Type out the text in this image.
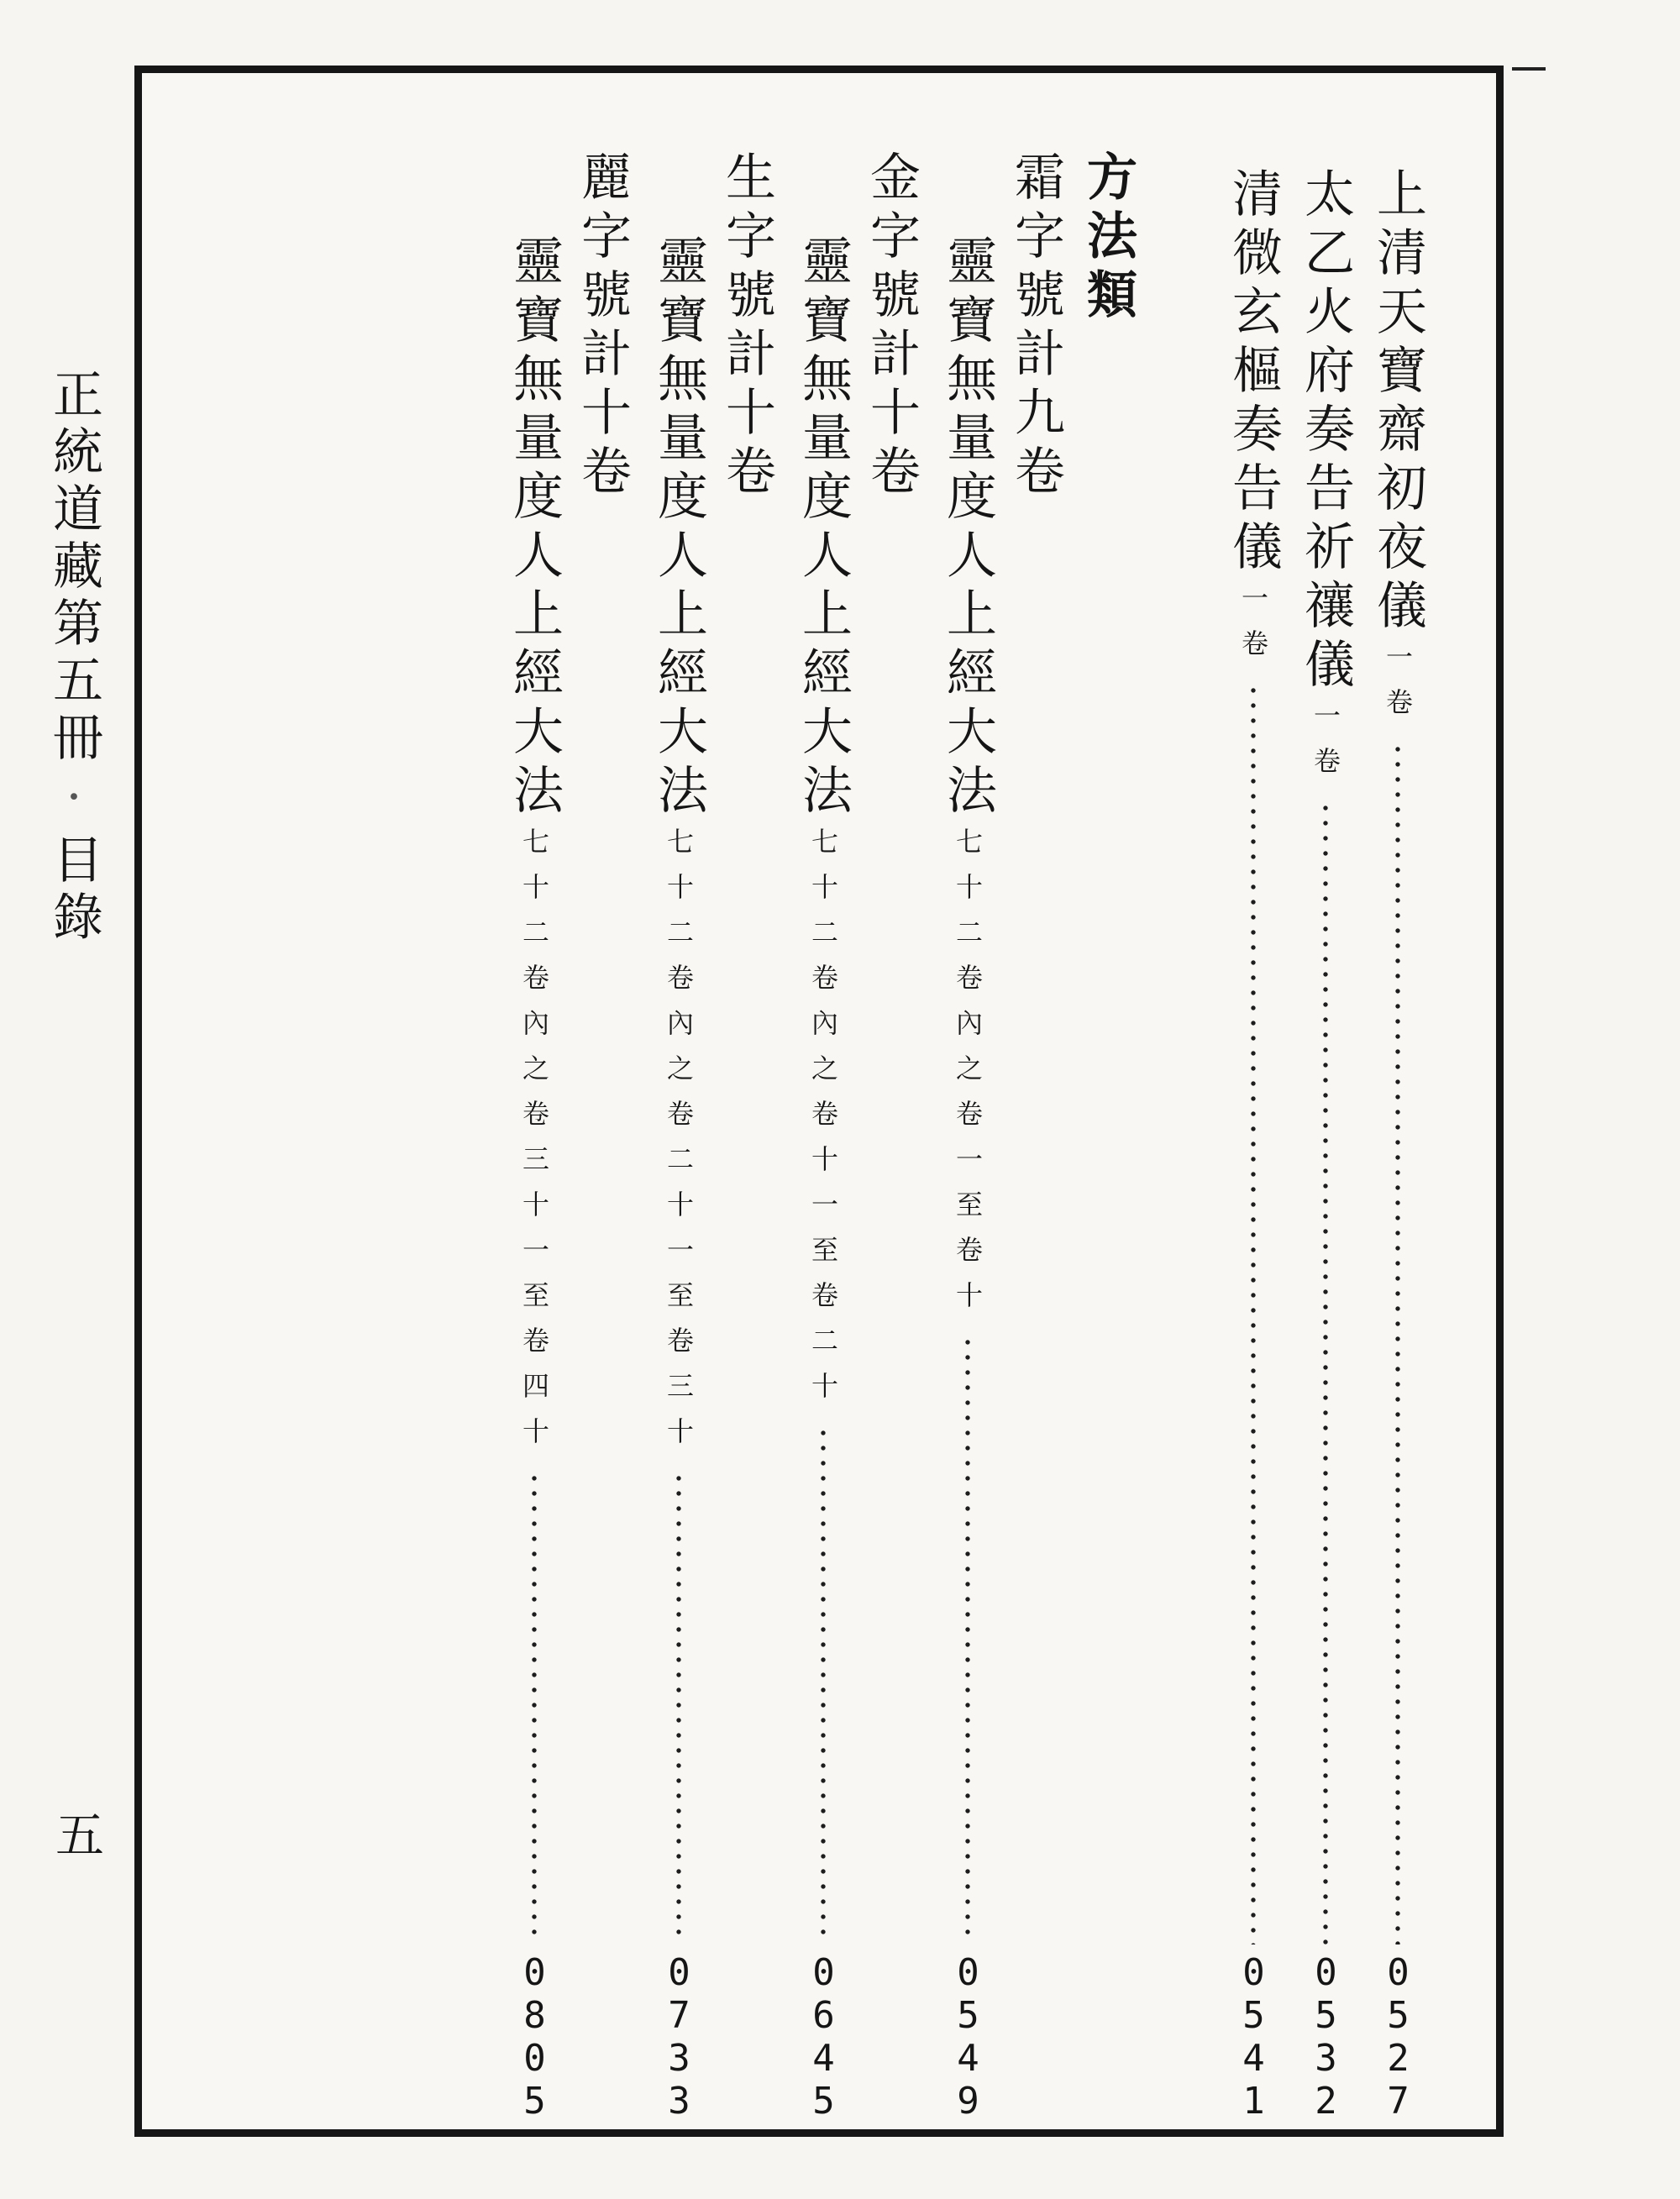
正統道藏第五冊·目錄
五
上清天寶齋初夜儀
一卷
0527
太乙火府奏告祈禳儀
一卷
0532
清微玄樞奏告儀
一卷
0541
方法類
霜字號計九卷
靈寶無量度人上經大法
七十二卷內之卷一至卷十
0549
金字號計十卷
靈寶無量度人上經大法
七十二卷內之卷十一至卷二十
0645
生字號計十卷
靈寶無量度人上經大法
七十二卷內之卷二十一至卷三十
0733
麗字號計十卷
靈寶無量度人上經大法
七十二卷內之卷三十一至卷四十
0805
